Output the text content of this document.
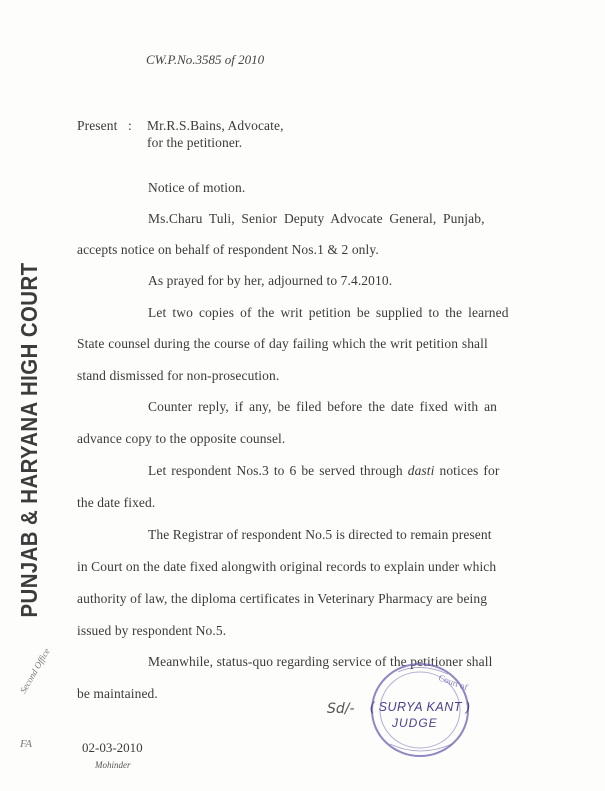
CW.P.No.3585 of 2010
Present : Mr.R.S.Bains, Advocate,
for the petitioner.
Notice of motion.
Ms.Charu Tuli, Senior Deputy Advocate General, Punjab,
accepts notice on behalf of respondent Nos.1 & 2 only.
As prayed for by her, adjourned to 7.4.2010.
Let two copies of the writ petition be supplied to the learned
State counsel during the course of day failing which the writ petition shall
stand dismissed for non-prosecution.
Counter reply, if any, be filed before the date fixed with an
advance copy to the opposite counsel.
Let respondent Nos.3 to 6 be served through dasti notices for
the date fixed.
The Registrar of respondent No.5 is directed to remain present
in Court on the date fixed alongwith original records to explain under which
authority of law, the diploma certificates in Veterinary Pharmacy are being
issued by respondent No.5.
Meanwhile, status-quo regarding service of the petitioner shall
be maintained.
PUNJAB & HARYANA HIGH COURT
Court of
Sd/- ( SURYA KANT )
JUDGE
02-03-2010
Mohinder
Second Office
FA
